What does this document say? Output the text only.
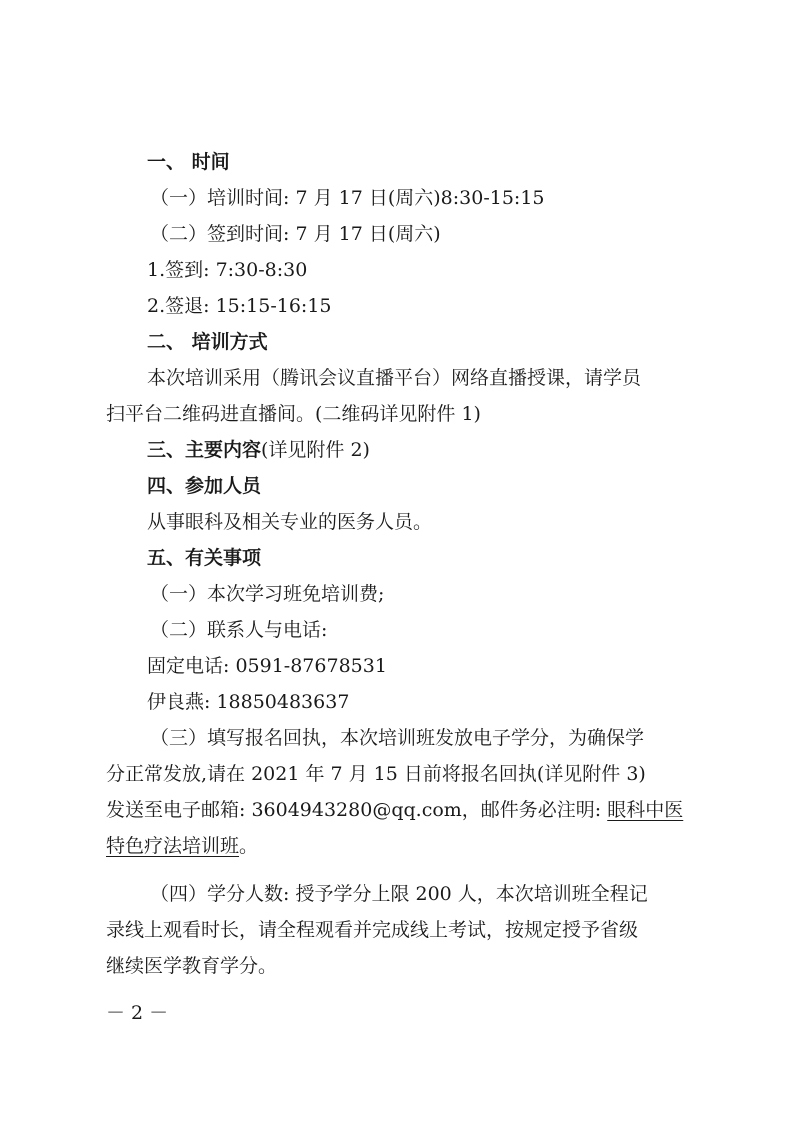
一、 时间
（一）培训时间: 7 月 17 日(周六)8:30-15:15
（二）签到时间: 7 月 17 日(周六)
1.签到: 7:30-8:30
2.签退: 15:15-16:15
二、 培训方式
本次培训采用（腾讯会议直播平台）网络直播授课，请学员
扫平台二维码进直播间。(二维码详见附件 1)
三、主要内容(详见附件 2)
四、参加人员
从事眼科及相关专业的医务人员。
五、有关事项
（一）本次学习班免培训费;
（二）联系人与电话:
固定电话: 0591-87678531
伊良燕: 18850483637
（三）填写报名回执，本次培训班发放电子学分，为确保学
分正常发放,请在 2021 年 7 月 15 日前将报名回执(详见附件 3)
发送至电子邮箱: 3604943280@qq.com，邮件务必注明: 眼科中医
特色疗法培训班。
（四）学分人数: 授予学分上限 200 人，本次培训班全程记
录线上观看时长，请全程观看并完成线上考试，按规定授予省级
继续医学教育学分。
－ 2 －
